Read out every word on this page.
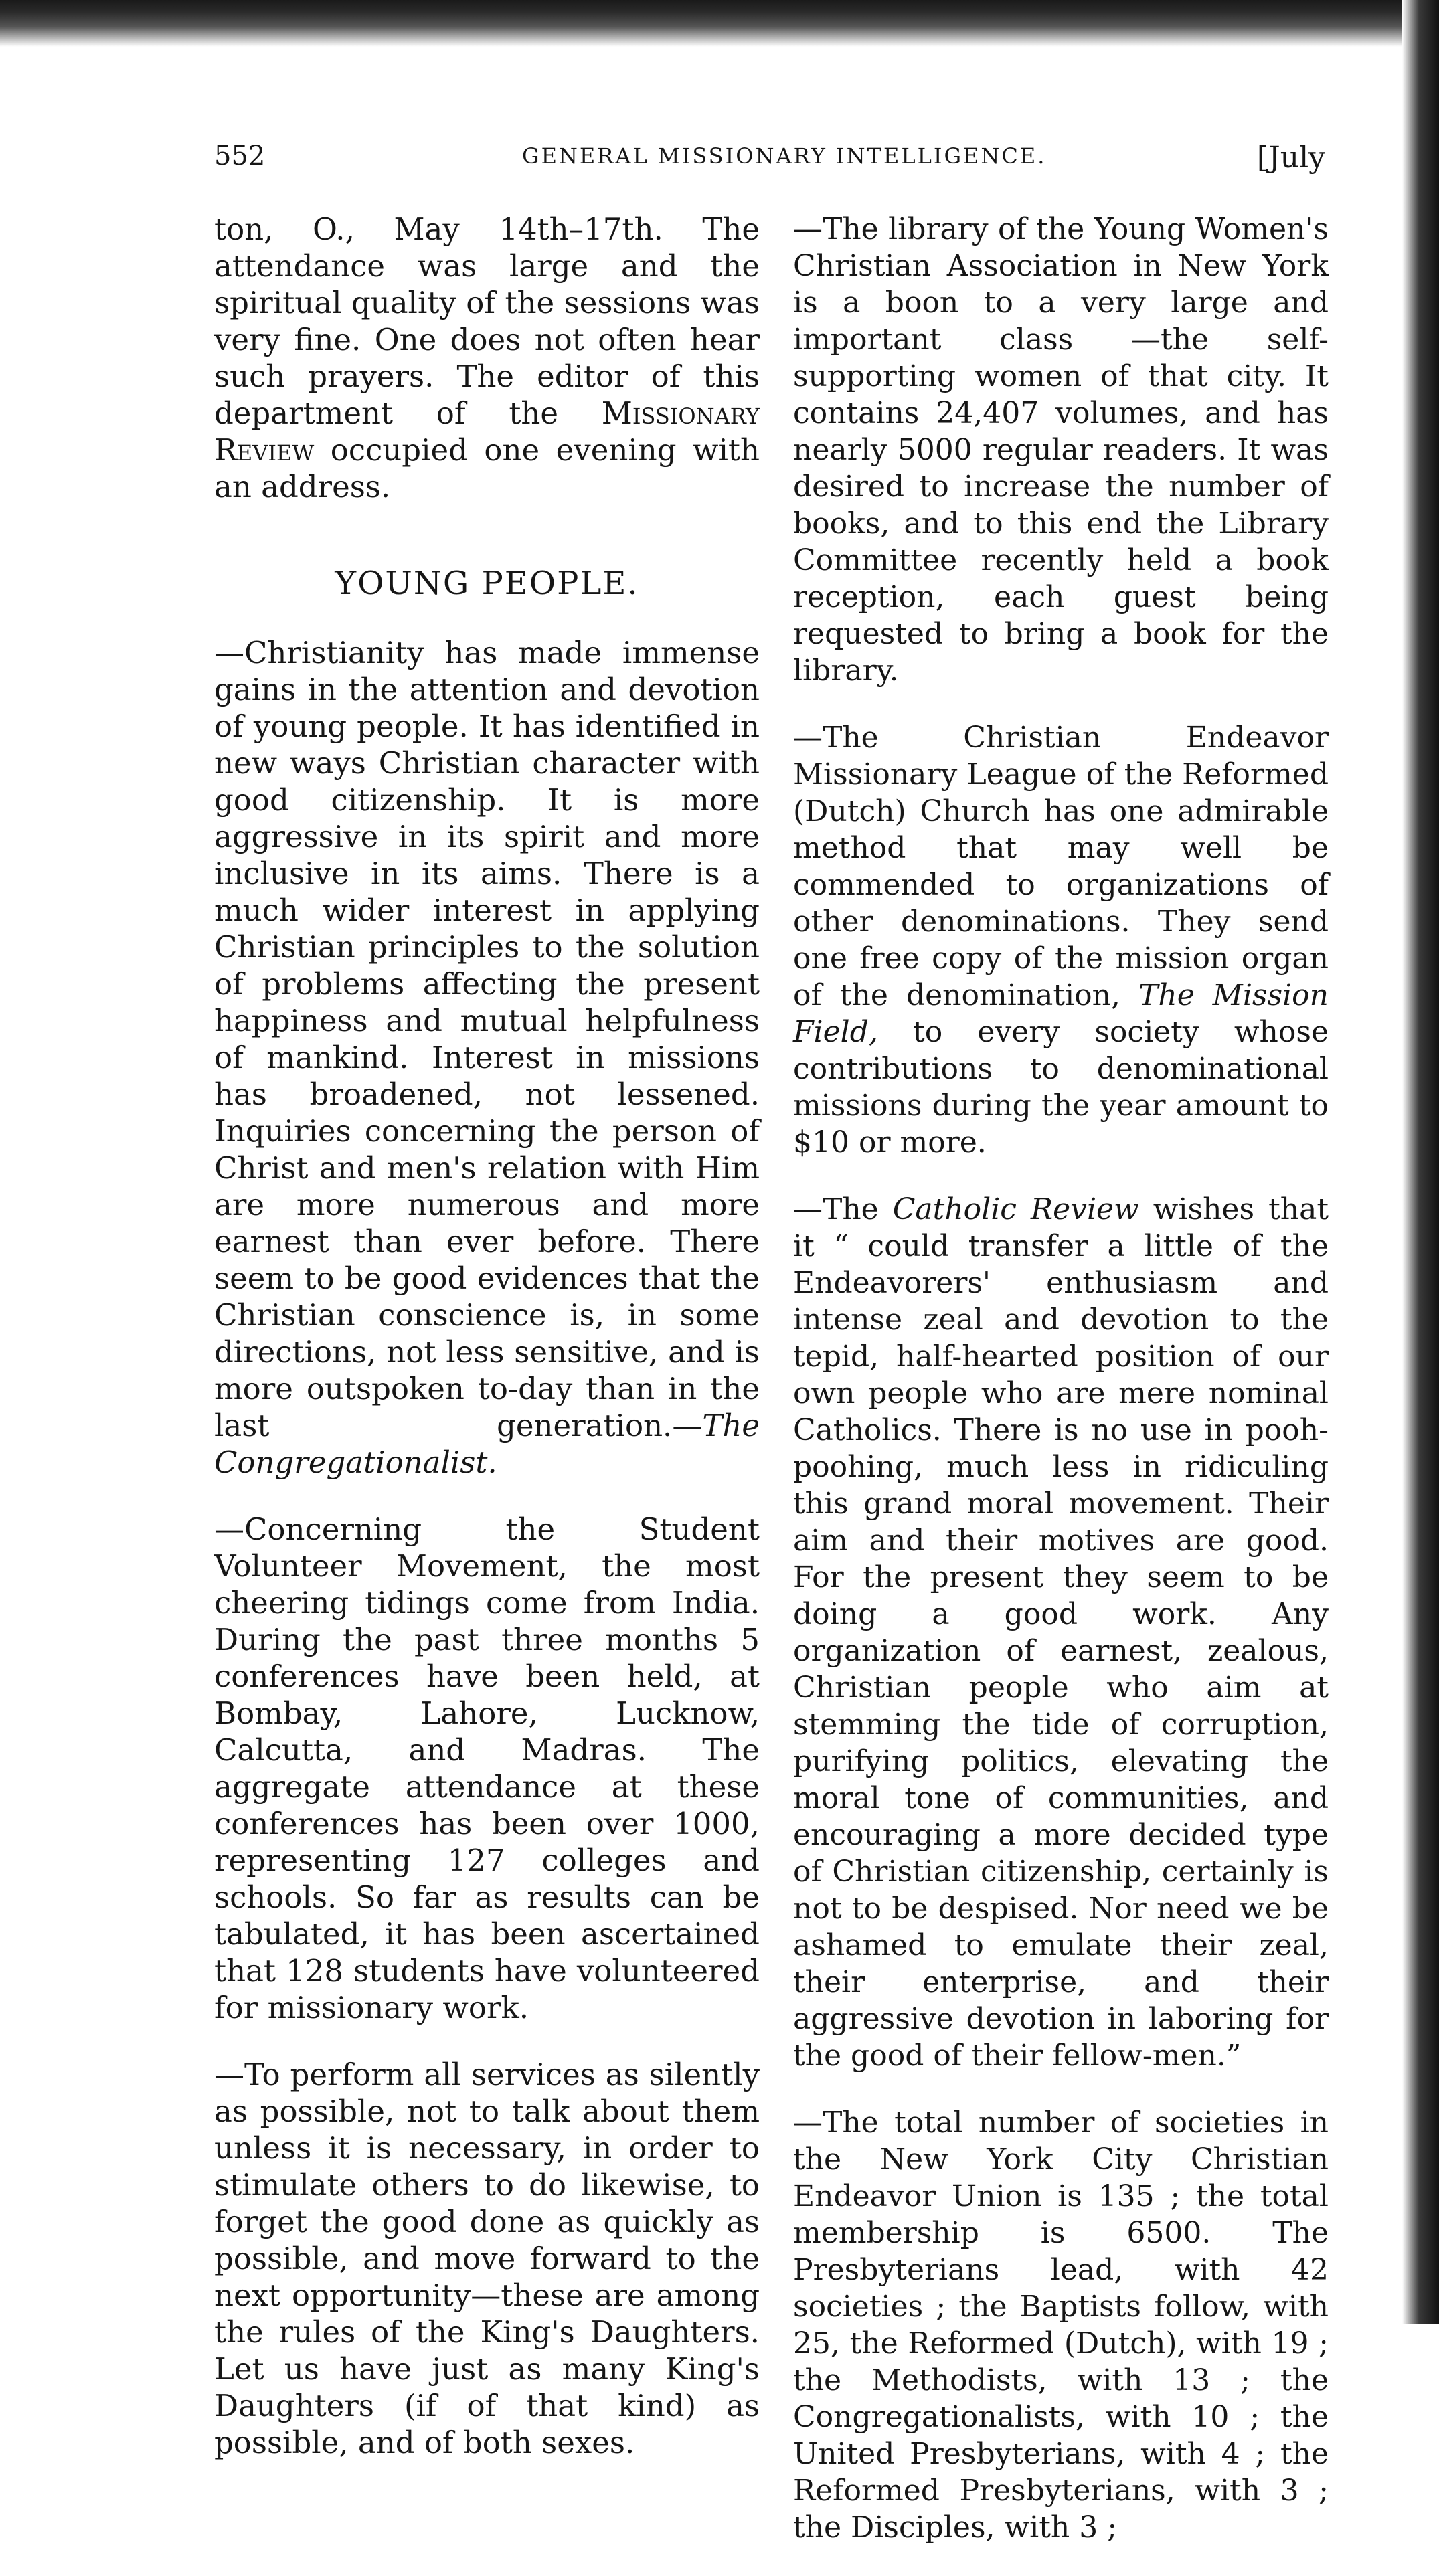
552	GENERAL MISSIONARY INTELLIGENCE.	[July

ton, O., May 14th–17th. The attendance was large and the spiritual quality of the sessions was very fine. One does not often hear such prayers. The editor of this department of the Missionary Review occupied one evening with an address.

YOUNG PEOPLE.

—Christianity has made immense gains in the attention and devotion of young people. It has identified in new ways Christian character with good citizenship. It is more aggressive in its spirit and more inclusive in its aims. There is a much wider interest in applying Christian principles to the solution of problems affecting the present happiness and mutual helpfulness of mankind. Interest in missions has broadened, not lessened. Inquiries concerning the person of Christ and men's relation with Him are more numerous and more earnest than ever before. There seem to be good evidences that the Christian conscience is, in some directions, not less sensitive, and is more outspoken to-day than in the last generation.—The Congregationalist.

—Concerning the Student Volunteer Movement, the most cheering tidings come from India. During the past three months 5 conferences have been held, at Bombay, Lahore, Lucknow, Calcutta, and Madras. The aggregate attendance at these conferences has been over 1000, representing 127 colleges and schools. So far as results can be tabulated, it has been ascertained that 128 students have volunteered for missionary work.

—To perform all services as silently as possible, not to talk about them unless it is necessary, in order to stimulate others to do likewise, to forget the good done as quickly as possible, and move forward to the next opportunity—these are among the rules of the King's Daughters. Let us have just as many King's Daughters (if of that kind) as possible, and of both sexes.

—The library of the Young Women's Christian Association in New York is a boon to a very large and important class —the self-supporting women of that city. It contains 24,407 volumes, and has nearly 5000 regular readers. It was desired to increase the number of books, and to this end the Library Committee recently held a book reception, each guest being requested to bring a book for the library.

—The Christian Endeavor Missionary League of the Reformed (Dutch) Church has one admirable method that may well be commended to organizations of other denominations. They send one free copy of the mission organ of the denomination, The Mission Field, to every society whose contributions to denominational missions during the year amount to $10 or more.

—The Catholic Review wishes that it “ could transfer a little of the Endeavorers' enthusiasm and intense zeal and devotion to the tepid, half-hearted position of our own people who are mere nominal Catholics. There is no use in pooh-poohing, much less in ridiculing this grand moral movement. Their aim and their motives are good. For the present they seem to be doing a good work. Any organization of earnest, zealous, Christian people who aim at stemming the tide of corruption, purifying politics, elevating the moral tone of communities, and encouraging a more decided type of Christian citizenship, certainly is not to be despised. Nor need we be ashamed to emulate their zeal, their enterprise, and their aggressive devotion in laboring for the good of their fellow-men.”

—The total number of societies in the New York City Christian Endeavor Union is 135 ; the total membership is 6500. The Presbyterians lead, with 42 societies ; the Baptists follow, with 25, the Reformed (Dutch), with 19 ; the Methodists, with 13 ; the Congregationalists, with 10 ; the United Presbyterians, with 4 ; the Reformed Presbyterians, with 3 ; the Disciples, with 3 ;
